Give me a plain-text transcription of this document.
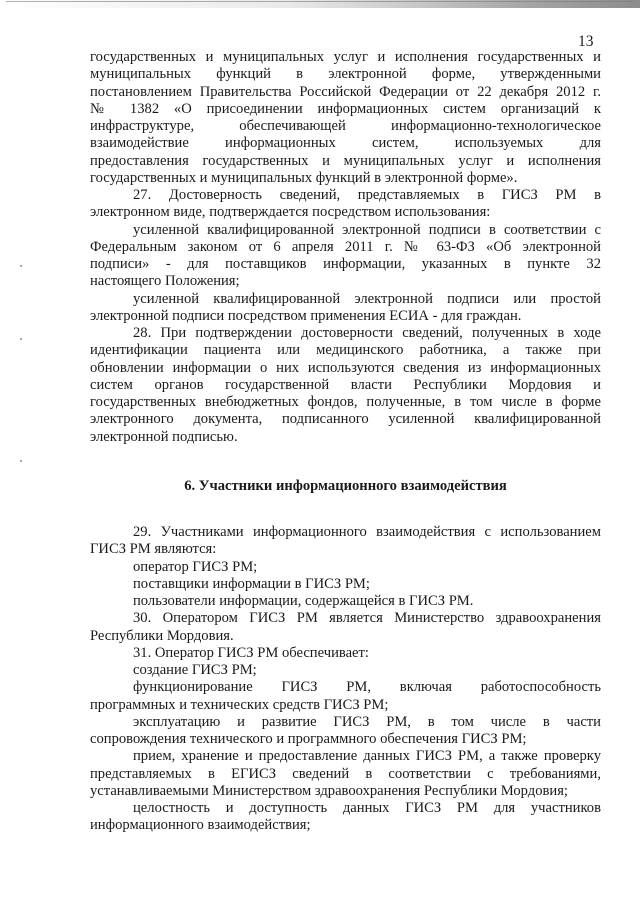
13

государственных и муниципальных услуг и исполнения государственных и

муниципальных функций в электронной форме, утвержденными

постановлением Правительства Российской Федерации от 22 декабря 2012 г.

№ 1382 «О присоединении информационных систем организаций к

инфраструктуре, обеспечивающей информационно-технологическое

взаимодействие информационных систем, используемых для

предоставления государственных и муниципальных услуг и исполнения

государственных и муниципальных функций в электронной форме».

27. Достоверность сведений, представляемых в ГИСЗ РМ в

электронном виде, подтверждается посредством использования:

усиленной квалифицированной электронной подписи в соответствии с

Федеральным законом от 6 апреля 2011 г. № 63-ФЗ «Об электронной

подписи» - для поставщиков информации, указанных в пункте 32

настоящего Положения;

усиленной квалифицированной электронной подписи или простой

электронной подписи посредством применения ЕСИА - для граждан.

28. При подтверждении достоверности сведений, полученных в ходе

идентификации пациента или медицинского работника, а также при

обновлении информации о них используются сведения из информационных

систем органов государственной власти Республики Мордовия и

государственных внебюджетных фондов, полученные, в том числе в форме

электронного документа, подписанного усиленной квалифицированной

электронной подписью.

6. Участники информационного взаимодействия

29. Участниками информационного взаимодействия с использованием

ГИСЗ РМ являются:

оператор ГИСЗ РМ;

поставщики информации в ГИСЗ РМ;

пользователи информации, содержащейся в ГИСЗ РМ.

30. Оператором ГИСЗ РМ является Министерство здравоохранения

Республики Мордовия.

31. Оператор ГИСЗ РМ обеспечивает:

создание ГИСЗ РМ;

функционирование ГИСЗ РМ, включая работоспособность

программных и технических средств ГИСЗ РМ;

эксплуатацию и развитие ГИСЗ РМ, в том числе в части

сопровождения технического и программного обеспечения ГИСЗ РМ;

прием, хранение и предоставление данных ГИСЗ РМ, а также проверку

представляемых в ЕГИСЗ сведений в соответствии с требованиями,

устанавливаемыми Министерством здравоохранения Республики Мордовия;

целостность и доступность данных ГИСЗ РМ для участников

информационного взаимодействия;
